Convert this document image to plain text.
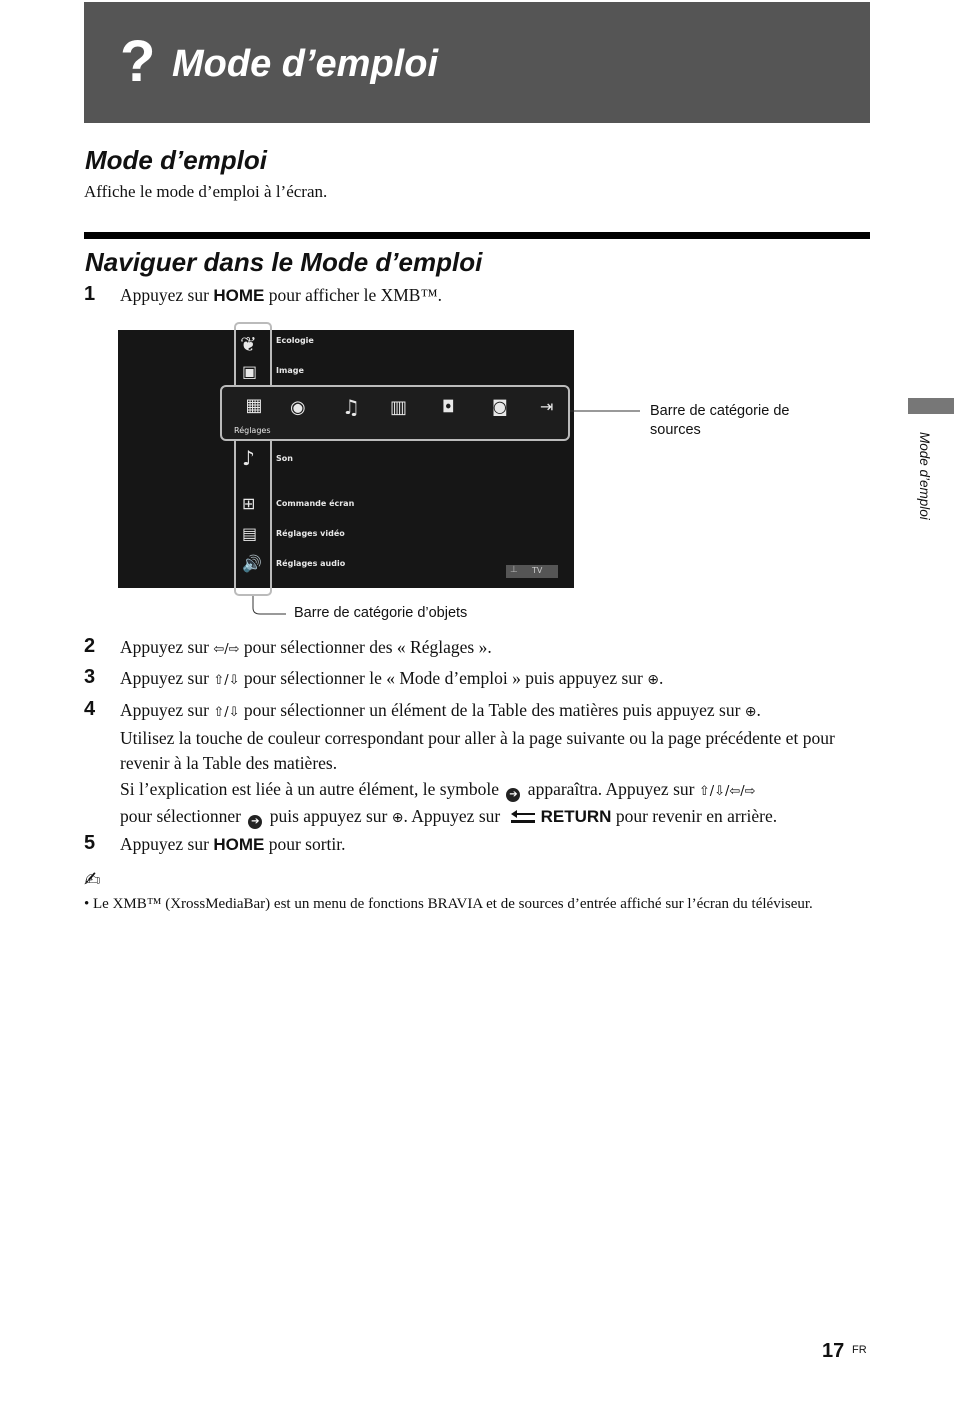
? Mode d’emploi
Mode d’emploi
Affiche le mode d’emploi à l’écran.
Naviguer dans le Mode d’emploi
1 Appuyez sur HOME pour afficher le XMB™.
❦
▣
♪
⊞
▤
🔊	⊥ TV
Ecologie
Image
Son
Commande écran
Réglages vidéo
Réglages audio
▦
Réglages
◉ ♫ ▥ ◘ ◙ ⇥	Barre de catégorie de
sources
Barre de catégorie d’objets
2 Appuyez sur ⇦/⇨ pour sélectionner des « Réglages ».
3 Appuyez sur ⇧/⇩ pour sélectionner le « Mode d’emploi » puis appuyez sur ⊕.
4 Appuyez sur ⇧/⇩ pour sélectionner un élément de la Table des matières puis appuyez sur ⊕.
Utilisez la touche de couleur correspondant pour aller à la page suivante ou la page précédente et pour revenir à la Table des matières.
Si l’explication est liée à un autre élément, le symbole ➔ apparaîtra. Appuyez sur ⇧/⇩/⇦/⇨
pour sélectionner ➔ puis appuyez sur ⊕. Appuyez sur RETURN pour revenir en arrière.
5 Appuyez sur HOME pour sortir.
✍
• Le XMB™ (XrossMediaBar) est un menu de fonctions BRAVIA et de sources d’entrée affiché sur l’écran du téléviseur.
Mode d’emploi
17 FR
